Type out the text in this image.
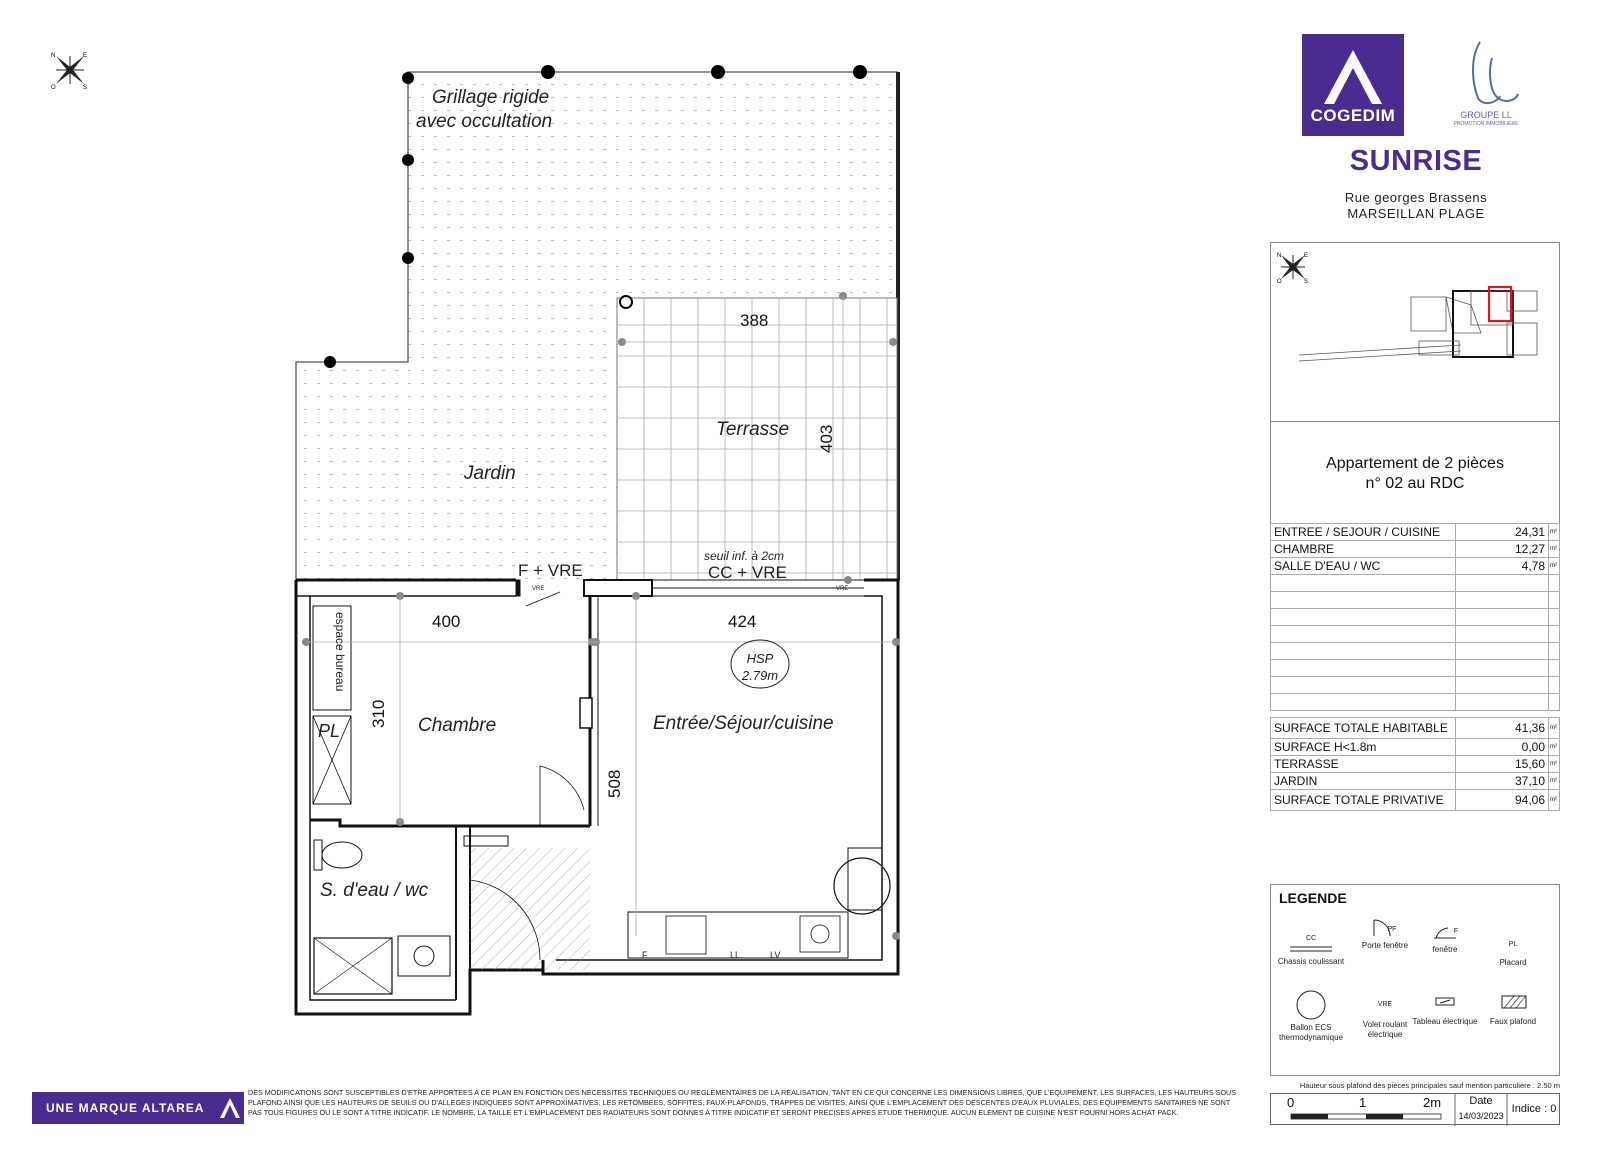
N	E
O	S	Grillage rigide
avec occultation
Jardin
Terrasse
388
403
seuil inf. à 2cm
F + VRE	CC + VRE
VRE	VRE
400
310
espace bureau
PL	Chambre
424
508
HSP
2.79m
Entrée/Séjour/cuisine
S. d'eau / wc
F	LL	LV
COGEDIM	GROUPE LL
PROMOTION IMMOBILIÈRE
SUNRISE
Rue georges Brassens
MARSEILLAN PLAGE
N	E
O	S
Appartement de 2 pièces
n° 02 au RDC
ENTREE / SEJOUR / CUISINE	24,31	m²
CHAMBRE	12,27	m²
SALLE D'EAU / WC	4,78	m²

SURFACE TOTALE HABITABLE	41,36	m²
SURFACE H<1.8m	0,00	m²
TERRASSE	15,60	m²
JARDIN	37,10	m²
SURFACE TOTALE PRIVATIVE	94,06	m²
LEGENDE
CC
Chassis coulissant
PF
Porte fenêtre
F
fenêtre
PL
Placard
Ballon ECS thermodynamique
VRE
Volet roulant électrique
Tableau électrique	Faux plafond
Hauteur sous plafond des pièces principales sauf mention particulière : 2.50 m
0	1	2m	Date
14/03/2023
Indice : 0
UNE MARQUE ALTAREA
DES MODIFICATIONS SONT SUSCEPTIBLES D'ETRE APPORTEES A CE PLAN EN FONCTION DES NECESSITES TECHNIQUES OU REGLEMENTAIRES DE LA REALISATION, TANT EN CE QUI CONCERNE LES DIMENSIONS LIBRES, QUE L'EQUIPEMENT. LES SURFACES, LES HAUTEURS SOUS PLAFOND AINSI QUE LES HAUTEURS DE SEUILS OU D'ALLEGES INDIQUEES SONT APPROXIMATIVES. LES RETOMBEES, SOFFITES, FAUX-PLAFONDS, TRAPPES DE VISITES, AINSI QUE L'EMPLACEMENT DES DESCENTES D'EAUX PLUVIALES, DES EQUIPEMENTS SANITAIRES NE SONT PAS TOUS FIGURES OU LE SONT A TITRE INDICATIF. LE NOMBRE, LA TAILLE ET L'EMPLACEMENT DES RADIATEURS SONT DONNES A TITRE INDICATIF ET SERONT PRECISES APRES ETUDE THERMIQUE. AUCUN ELEMENT DE CUISINE N'EST FOURNI HORS ACHAT PACK.
